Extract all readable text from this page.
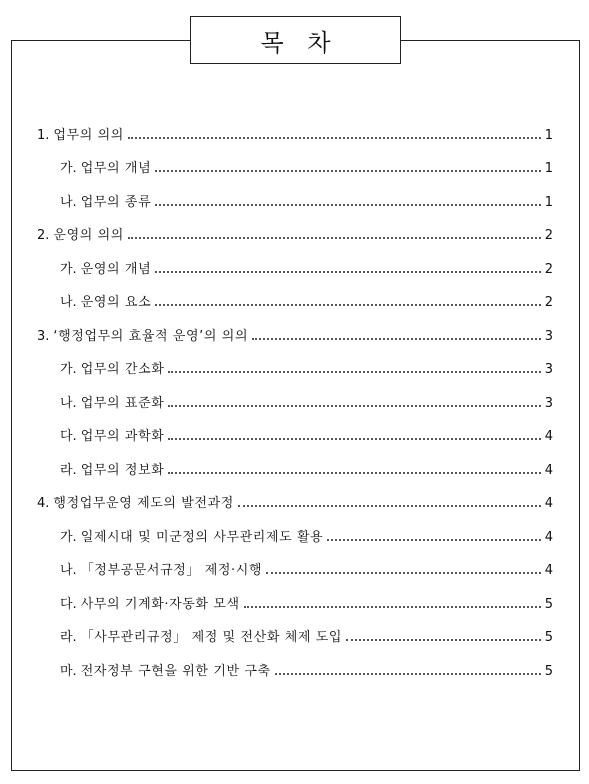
목 차
1. 업무의 의의	1
가. 업무의 개념	1
나. 업무의 종류	1
2. 운영의 의의	2
가. 운영의 개념	2
나. 운영의 요소	2
3. ‘행정업무의 효율적 운영’의 의의	3
가. 업무의 간소화	3
나. 업무의 표준화	3
다. 업무의 과학화	4
라. 업무의 정보화	4
4. 행정업무운영 제도의 발전과정	4
가. 일제시대 및 미군정의 사무관리제도 활용	4
나. 「정부공문서규정」 제정·시행	4
다. 사무의 기계화·자동화 모색	5
라. 「사무관리규정」 제정 및 전산화 체제 도입	5
마. 전자정부 구현을 위한 기반 구축	5
